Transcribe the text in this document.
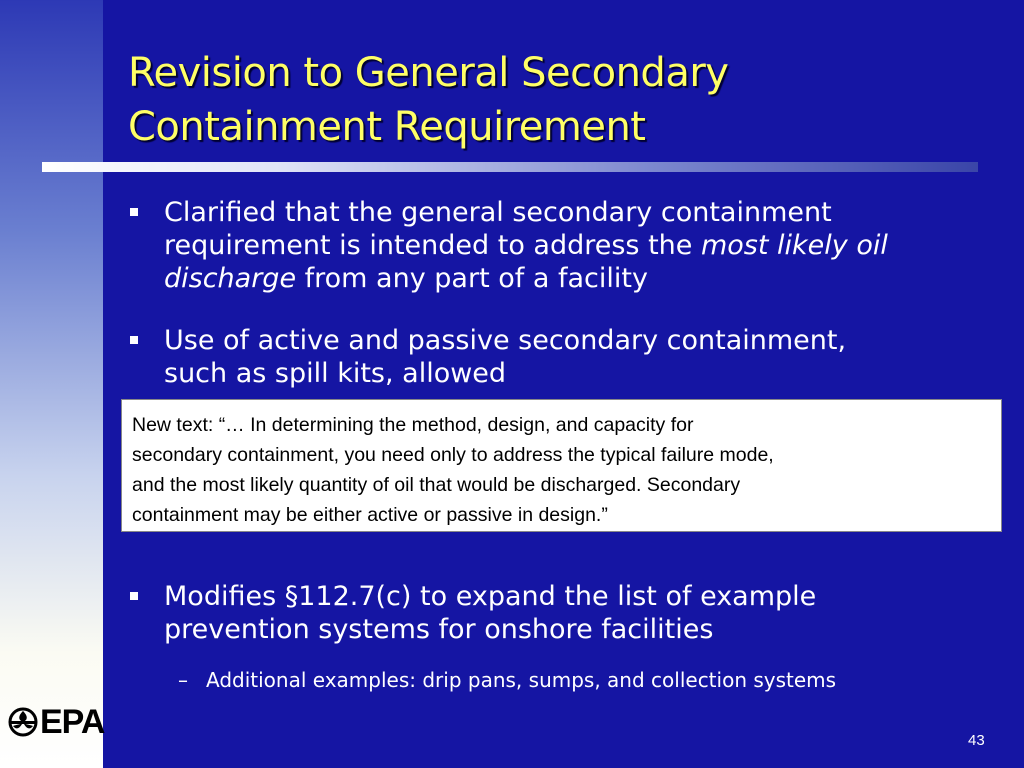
Revision to General Secondary
Containment Requirement
Clarified that the general secondary containment
requirement is intended to address the most likely oil
discharge from any part of a facility
Use of active and passive secondary containment,
such as spill kits, allowed
New text: “… In determining the method, design, and capacity for
secondary containment, you need only to address the typical failure mode,
and the most likely quantity of oil that would be discharged. Secondary
containment may be either active or passive in design.”
Modifies §112.7(c) to expand the list of example
prevention systems for onshore facilities
– Additional examples: drip pans, sumps, and collection systems
EPA	43
